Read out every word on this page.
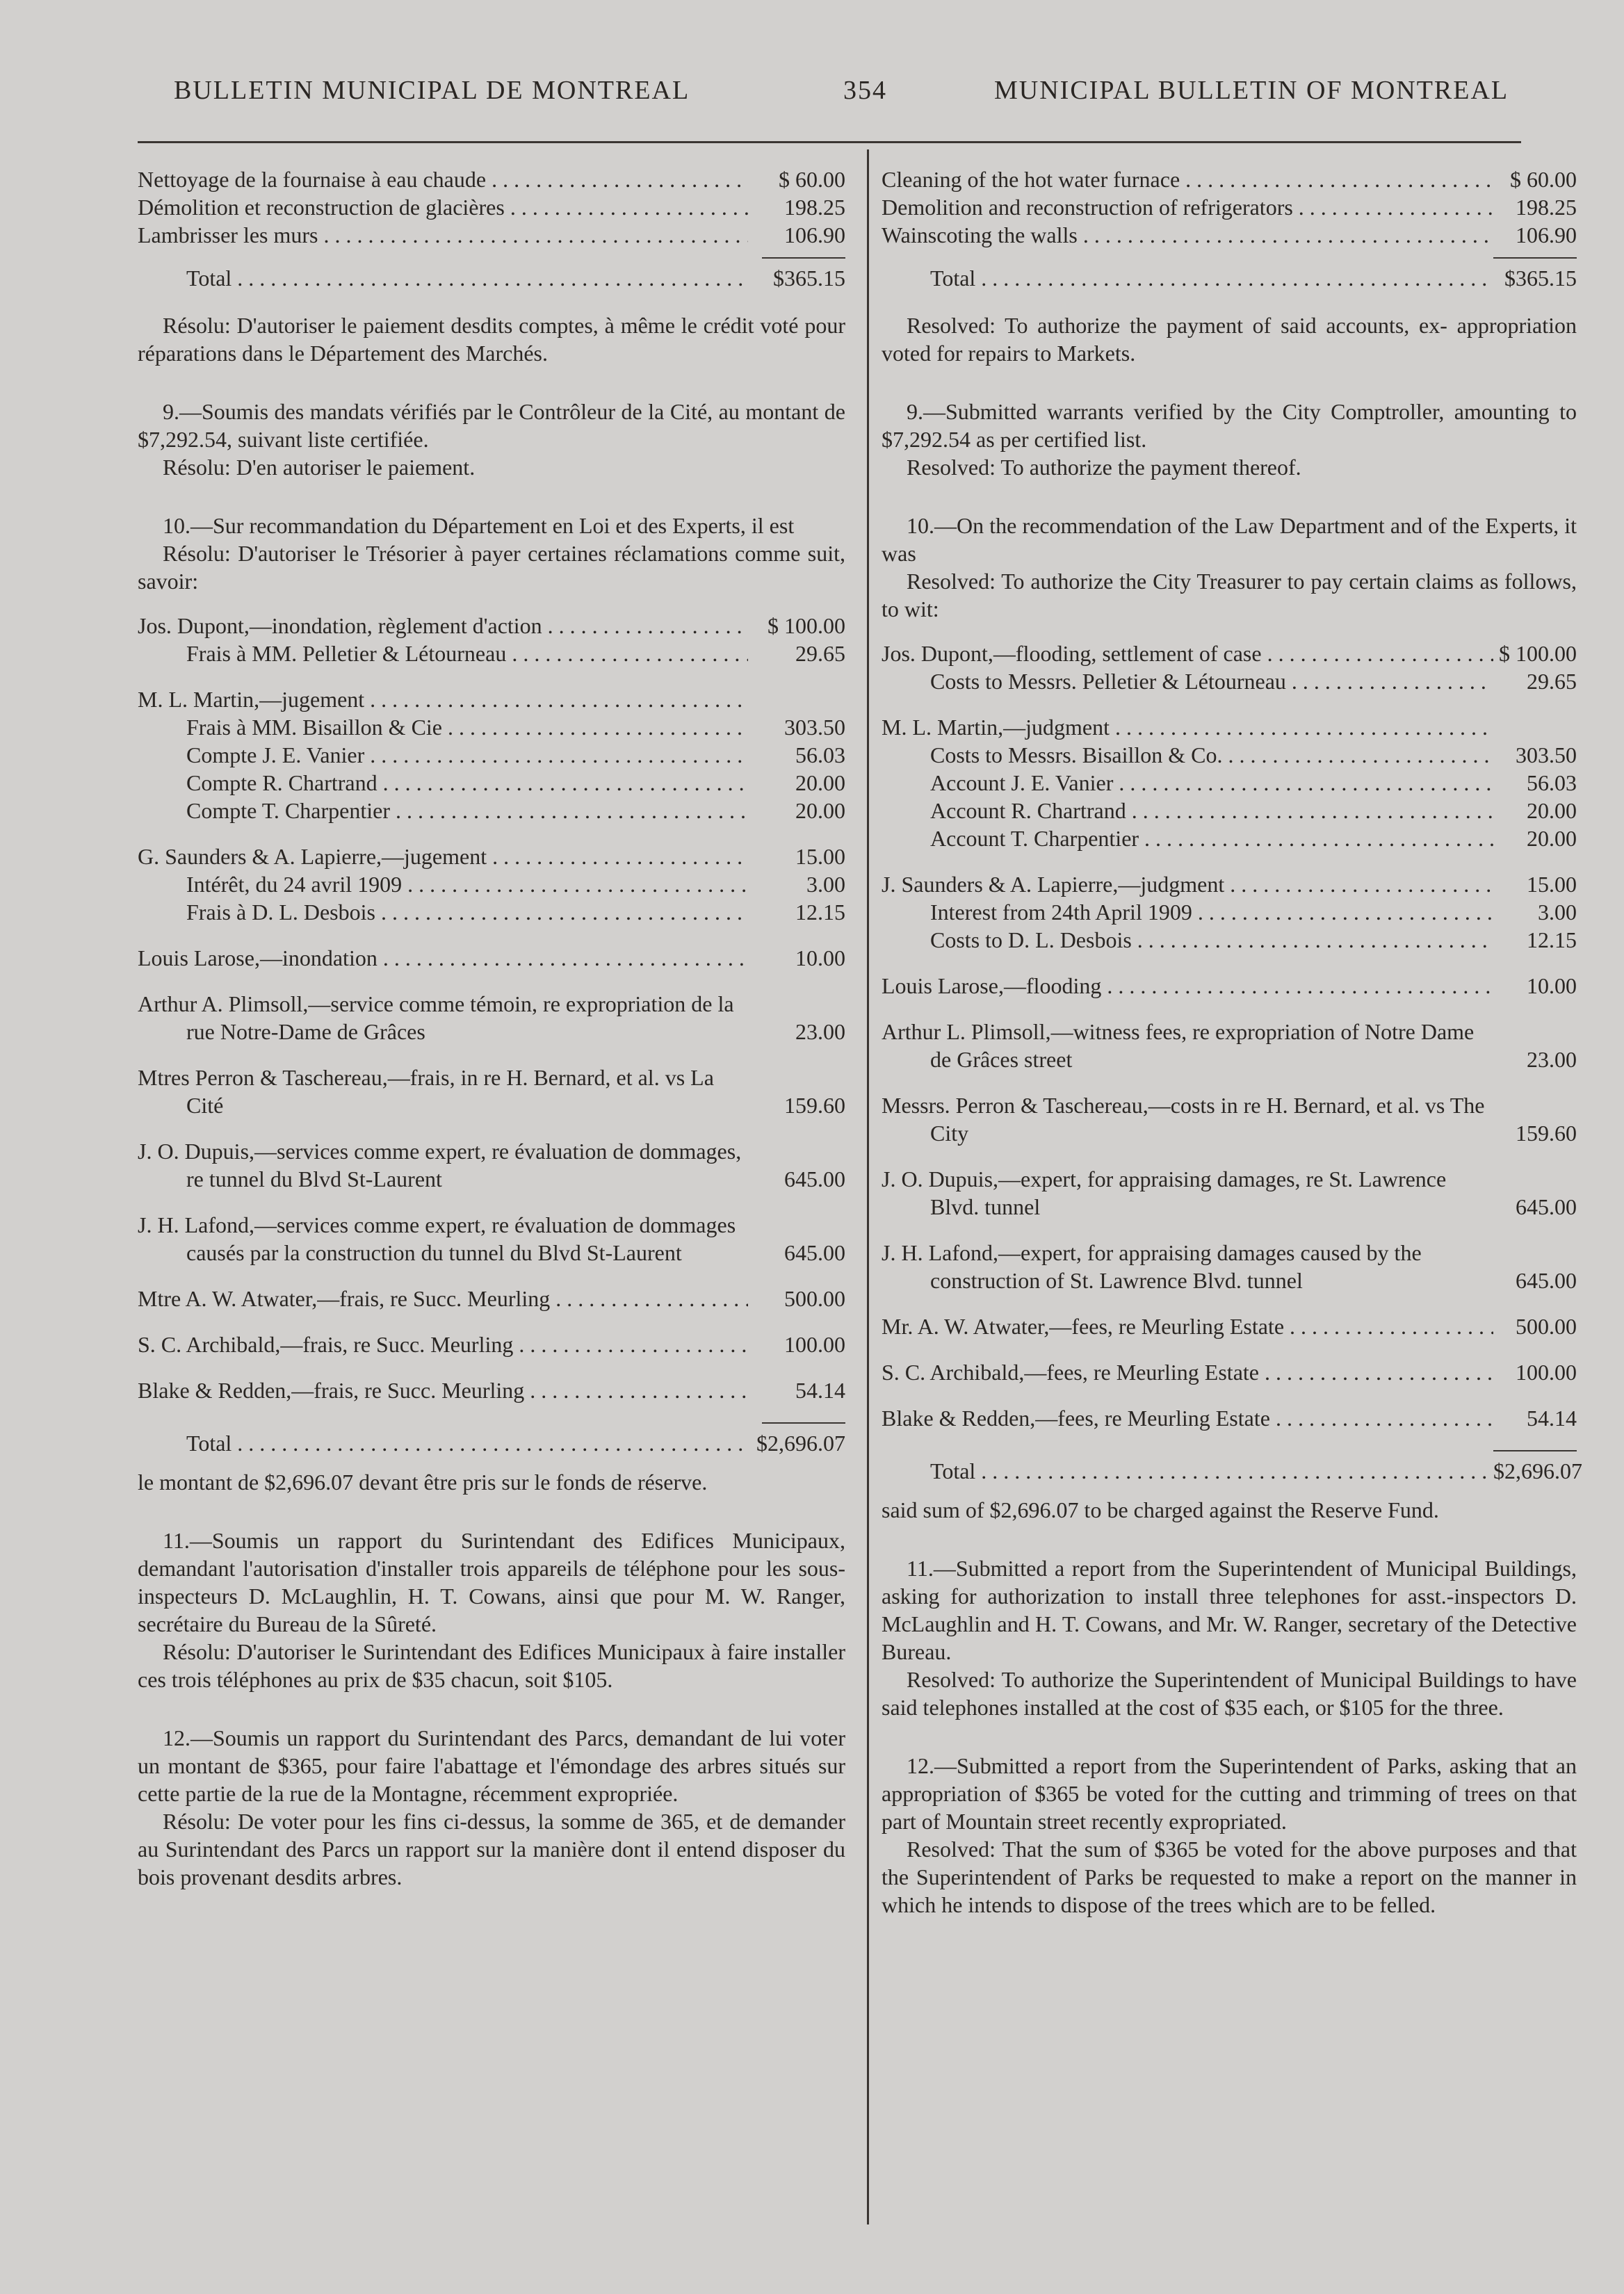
BULLETIN MUNICIPAL DE MONTREAL	354	MUNICIPAL BULLETIN OF MONTREAL
Nettoyage de la fournaise à eau chaude . . .	$ 60.00
Démolition et reconstruction de glacières . . .	198.25
Lambrisser les murs . . .	106.90
Total . . .	$365.15

Résolu: D'autoriser le paiement desdits comptes, à même le crédit voté pour réparations dans le Département des Marchés.

9.—Soumis des mandats vérifiés par le Contrôleur de la Cité, au montant de $7,292.54, suivant liste certifiée.

Résolu: D'en autoriser le paiement.

10.—Sur recommandation du Département en Loi et des Experts, il est

Résolu: D'autoriser le Trésorier à payer certaines réclamations comme suit, savoir:

Jos. Dupont,—inondation, règlement d'action . . .	$ 100.00
Frais à MM. Pelletier & Létourneau . . .	29.65
M. L. Martin,—jugement . . .
Frais à MM. Bisaillon & Cie . . .	303.50
Compte J. E. Vanier . . .	56.03
Compte R. Chartrand . . .	20.00
Compte T. Charpentier . . .	20.00
G. Saunders & A. Lapierre,—jugement . . .	15.00
Intérêt, du 24 avril 1909 . . .	3.00
Frais à D. L. Desbois . . .	12.15
Louis Larose,—inondation . . .	10.00
Arthur A. Plimsoll,—service comme témoin, re expropriation de la rue Notre-Dame de Grâces	23.00
Mtres Perron & Taschereau,—frais, in re H. Bernard, et al. vs La Cité	159.60
J. O. Dupuis,—services comme expert, re évaluation de dommages, re tunnel du Blvd St-Laurent	645.00
J. H. Lafond,—services comme expert, re évaluation de dommages causés par la construction du tunnel du Blvd St-Laurent	645.00
Mtre A. W. Atwater,—frais, re Succ. Meurling . . .	500.00
S. C. Archibald,—frais, re Succ. Meurling . . .	100.00
Blake & Redden,—frais, re Succ. Meurling . . .	54.14
Total . . .	$2,696.07

le montant de $2,696.07 devant être pris sur le fonds de réserve.

11.—Soumis un rapport du Surintendant des Edifices Municipaux, demandant l'autorisation d'installer trois appareils de téléphone pour les sous-inspecteurs D. McLaughlin, H. T. Cowans, ainsi que pour M. W. Ranger, secrétaire du Bureau de la Sûreté.

Résolu: D'autoriser le Surintendant des Edifices Municipaux à faire installer ces trois téléphones au prix de $35 chacun, soit $105.

12.—Soumis un rapport du Surintendant des Parcs, demandant de lui voter un montant de $365, pour faire l'abattage et l'émondage des arbres situés sur cette partie de la rue de la Montagne, récemment expropriée.

Résolu: De voter pour les fins ci-dessus, la somme de 365, et de demander au Surintendant des Parcs un rapport sur la manière dont il entend disposer du bois provenant desdits arbres.

Cleaning of the hot water furnace . . .	$ 60.00
Demolition and reconstruction of refrigerators . . .	198.25
Wainscoting the walls . . .	106.90
Total . . .	$365.15

Resolved: To authorize the payment of said accounts, ex- appropriation voted for repairs to Markets.

9.—Submitted warrants verified by the City Comptroller, amounting to $7,292.54 as per certified list.

Resolved: To authorize the payment thereof.

10.—On the recommendation of the Law Department and of the Experts, it was

Resolved: To authorize the City Treasurer to pay certain claims as follows, to wit:

Jos. Dupont,—flooding, settlement of case . . .	$ 100.00
Costs to Messrs. Pelletier & Létourneau . . .	29.65
M. L. Martin,—judgment . . .
Costs to Messrs. Bisaillon & Co. . . .	303.50
Account J. E. Vanier . . .	56.03
Account R. Chartrand . . .	20.00
Account T. Charpentier . . .	20.00
J. Saunders & A. Lapierre,—judgment . . .	15.00
Interest from 24th April 1909 . . .	3.00
Costs to D. L. Desbois . . .	12.15
Louis Larose,—flooding . . .	10.00
Arthur L. Plimsoll,—witness fees, re expropriation of Notre Dame de Grâces street	23.00
Messrs. Perron & Taschereau,—costs in re H. Bernard, et al. vs The City	159.60
J. O. Dupuis,—expert, for appraising damages, re St. Lawrence Blvd. tunnel	645.00
J. H. Lafond,—expert, for appraising damages caused by the construction of St. Lawrence Blvd. tunnel	645.00
Mr. A. W. Atwater,—fees, re Meurling Estate . . .	500.00
S. C. Archibald,—fees, re Meurling Estate . . .	100.00
Blake & Redden,—fees, re Meurling Estate . . .	54.14
Total . . .	$2,696.07

said sum of $2,696.07 to be charged against the Reserve Fund.

11.—Submitted a report from the Superintendent of Municipal Buildings, asking for authorization to install three telephones for asst.-inspectors D. McLaughlin and H. T. Cowans, and Mr. W. Ranger, secretary of the Detective Bureau.

Resolved: To authorize the Superintendent of Municipal Buildings to have said telephones installed at the cost of $35 each, or $105 for the three.

12.—Submitted a report from the Superintendent of Parks, asking that an appropriation of $365 be voted for the cutting and trimming of trees on that part of Mountain street recently expropriated.

Resolved: That the sum of $365 be voted for the above purposes and that the Superintendent of Parks be requested to make a report on the manner in which he intends to dispose of the trees which are to be felled.
